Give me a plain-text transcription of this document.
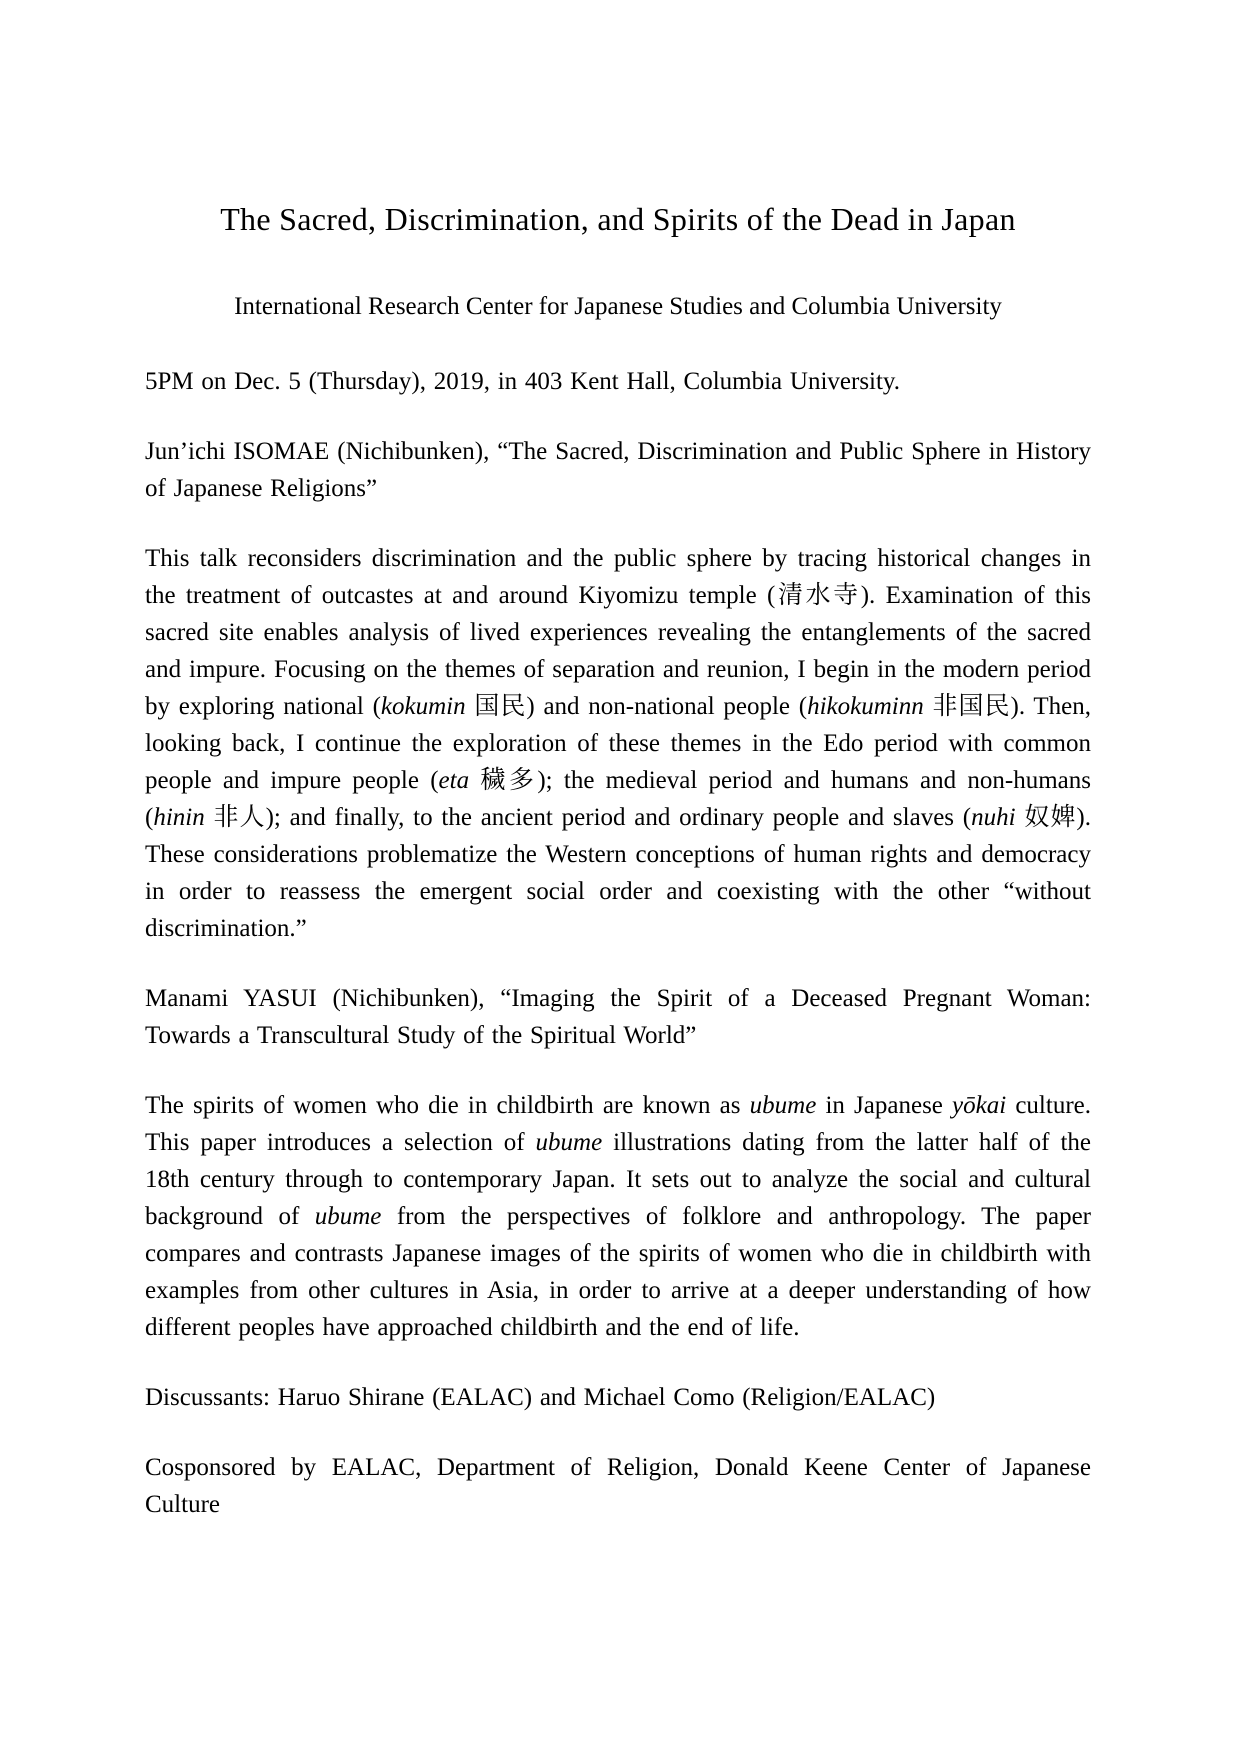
The Sacred, Discrimination, and Spirits of the Dead in Japan

International Research Center for Japanese Studies and Columbia University

5PM on Dec. 5 (Thursday), 2019, in 403 Kent Hall, Columbia University.

Jun’ichi ISOMAE (Nichibunken), “The Sacred, Discrimination and Public Sphere in History of Japanese Religions”

This talk reconsiders discrimination and the public sphere by tracing historical changes in the treatment of outcastes at and around Kiyomizu temple (清水寺). Examination of this sacred site enables analysis of lived experiences revealing the entanglements of the sacred and impure. Focusing on the themes of separation and reunion, I begin in the modern period by exploring national (kokumin 国民) and non-national people (hikokuminn 非国民). Then, looking back, I continue the exploration of these themes in the Edo period with common people and impure people (eta 穢多); the medieval period and humans and non-humans (hinin 非人); and finally, to the ancient period and ordinary people and slaves (nuhi 奴婢). These considerations problematize the Western conceptions of human rights and democracy in order to reassess the emergent social order and coexisting with the other “without discrimination.”

Manami YASUI (Nichibunken), “Imaging the Spirit of a Deceased Pregnant Woman: Towards a Transcultural Study of the Spiritual World”

The spirits of women who die in childbirth are known as ubume in Japanese yōkai culture. This paper introduces a selection of ubume illustrations dating from the latter half of the 18th century through to contemporary Japan. It sets out to analyze the social and cultural background of ubume from the perspectives of folklore and anthropology. The paper compares and contrasts Japanese images of the spirits of women who die in childbirth with examples from other cultures in Asia, in order to arrive at a deeper understanding of how different peoples have approached childbirth and the end of life.

Discussants: Haruo Shirane (EALAC) and Michael Como (Religion/EALAC)

Cosponsored by EALAC, Department of Religion, Donald Keene Center of Japanese Culture
